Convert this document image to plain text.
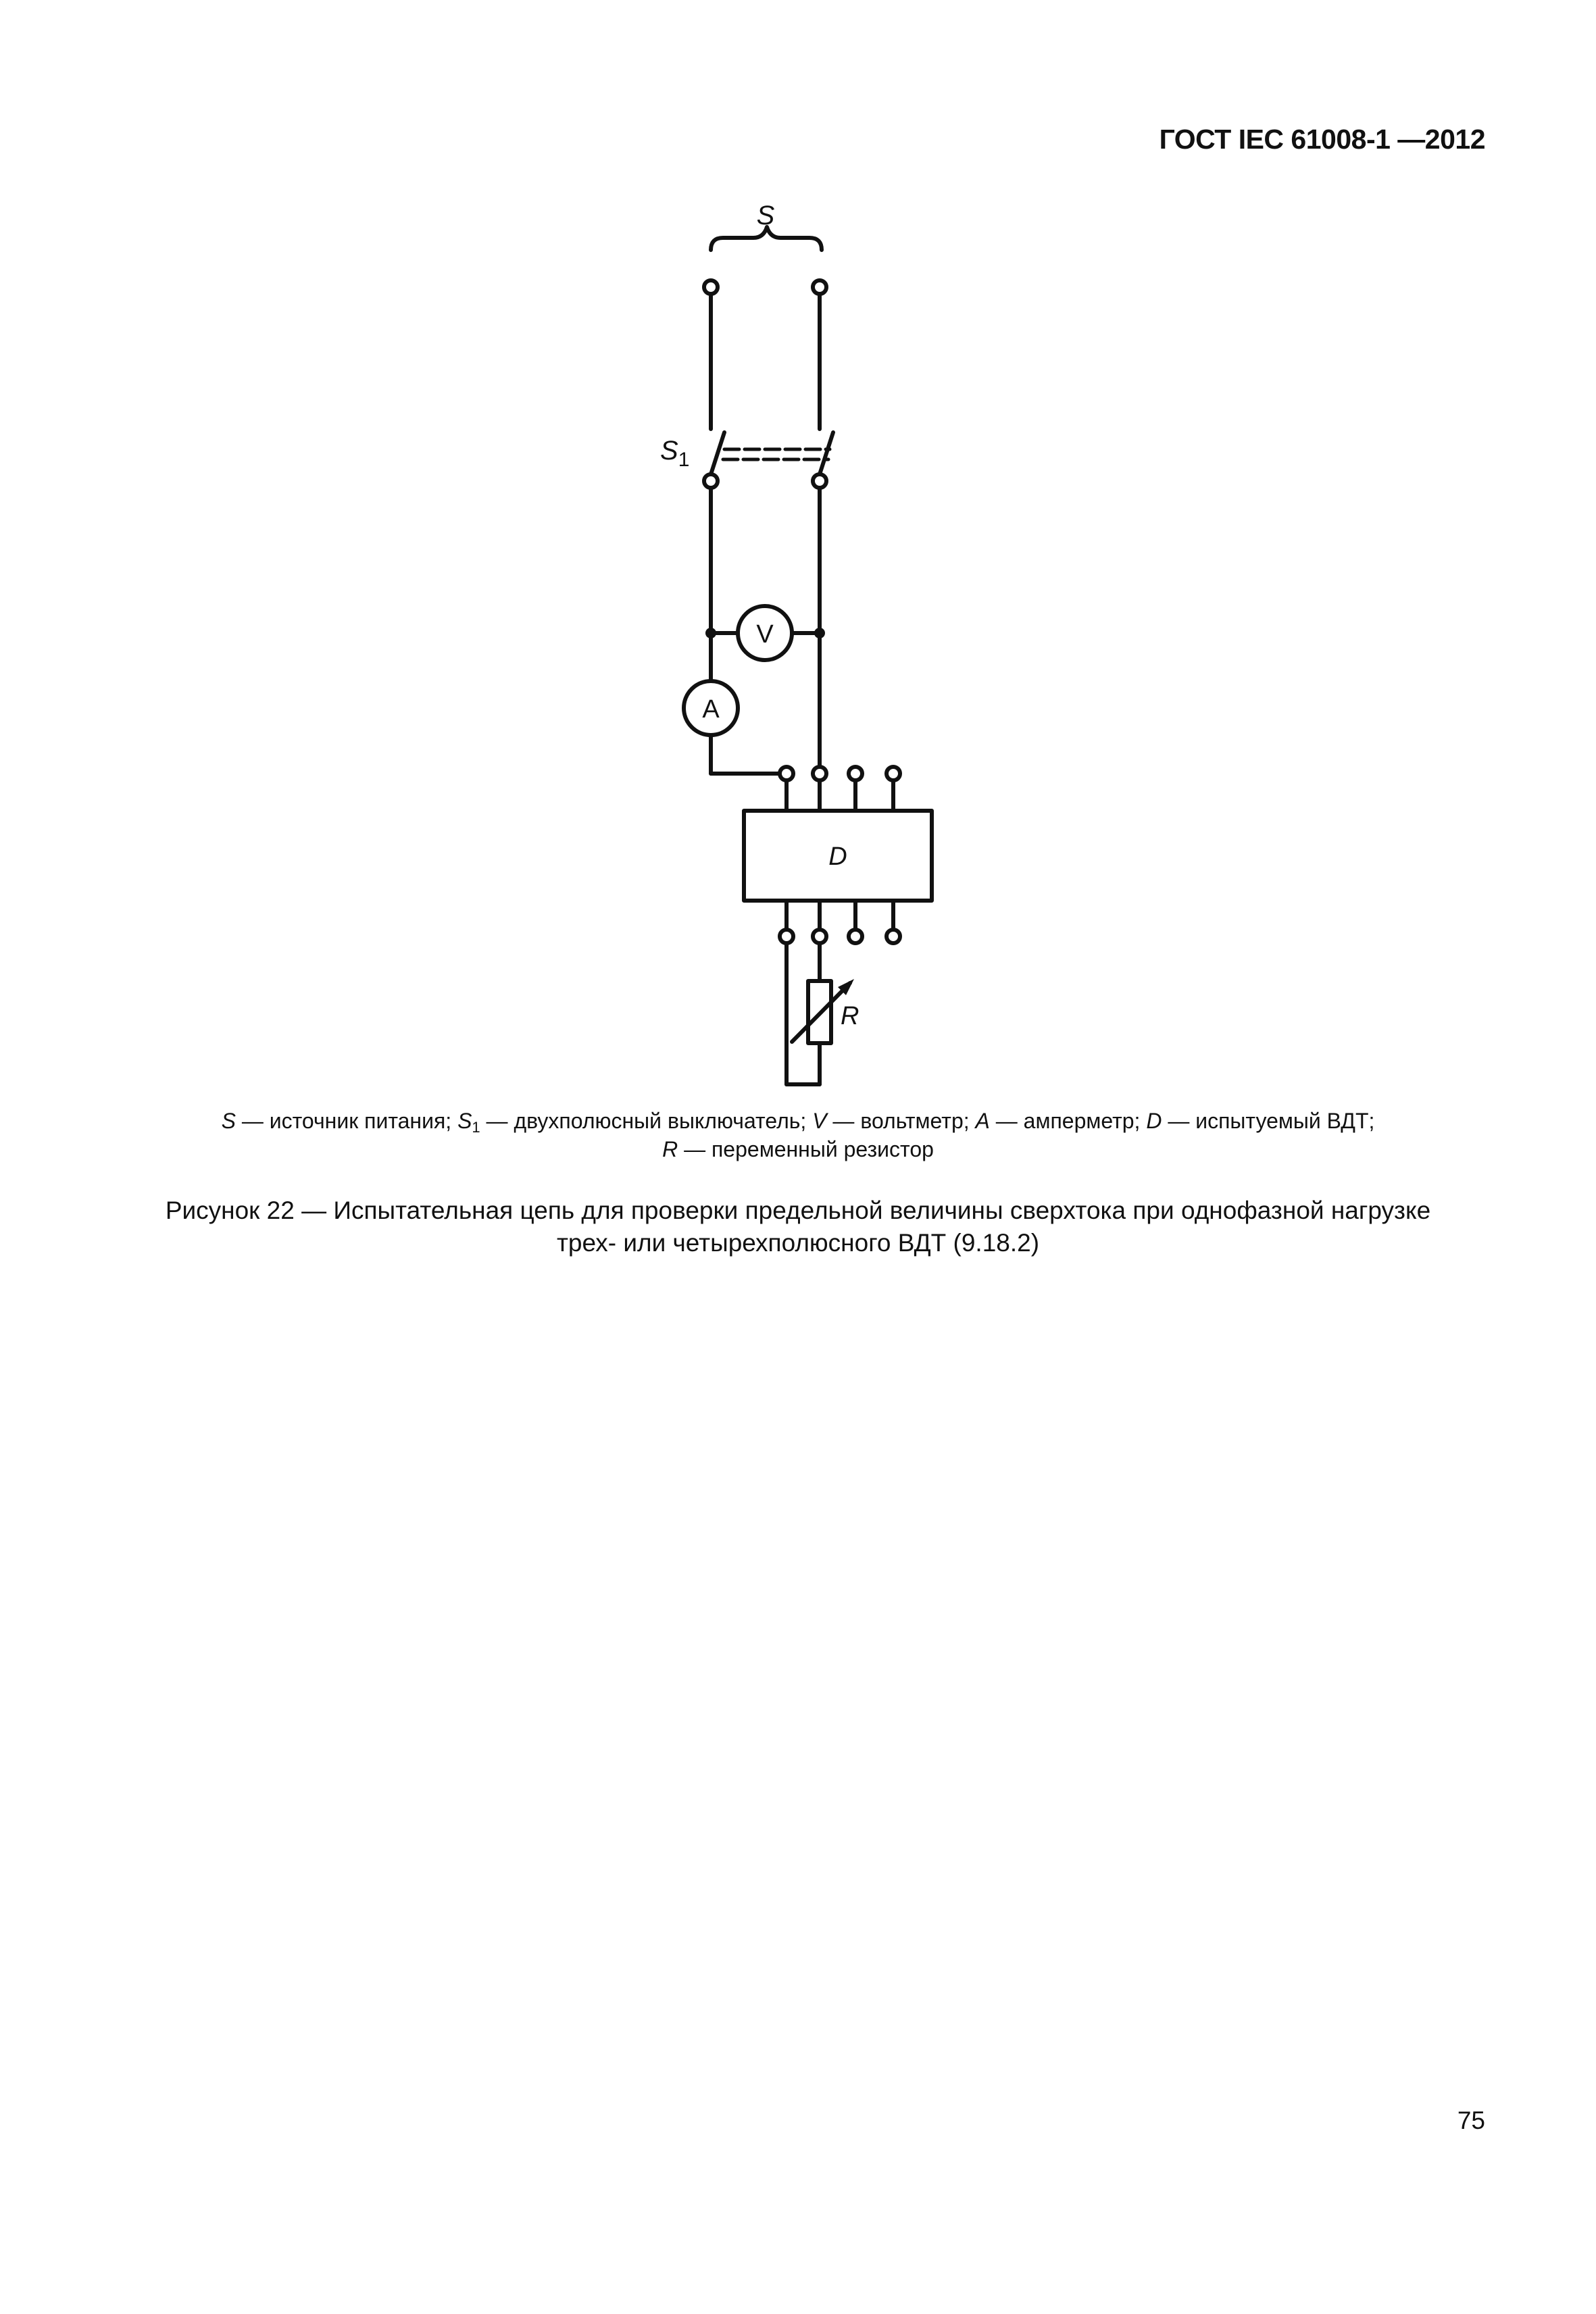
ГОСТ IEC 61008-1 —2012
S
$S_1$
V
A
D
R
S — источник питания; $S_1$ — двухполюсный выключатель; V — вольтметр; A — амперметр; D — испытуемый ВДТ;
R — переменный резистор
Рисунок 22 — Испытательная цепь для проверки предельной величины сверхтока при однофазной нагрузке
трех- или четырехполюсного ВДТ (9.18.2)
75
